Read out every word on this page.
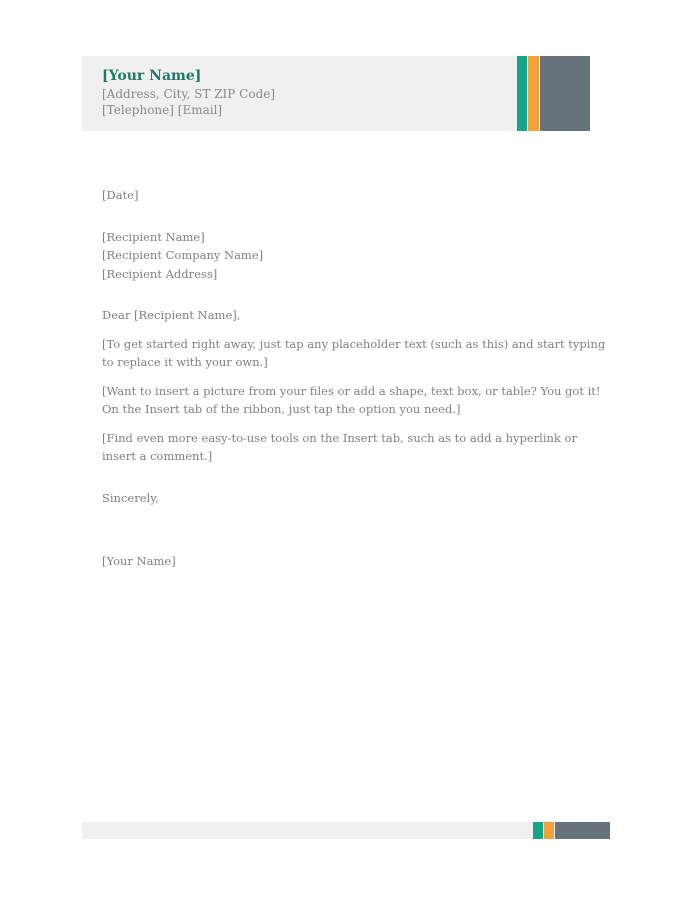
[Your Name]

[Address, City, ST ZIP Code]

[Telephone] [Email]

[Date]

[Recipient Name]

[Recipient Company Name]

[Recipient Address]

Dear [Recipient Name],

[To get started right away, just tap any placeholder text (such as this) and start typing to replace it with your own.]

[Want to insert a picture from your files or add a shape, text box, or table? You got it! On the Insert tab of the ribbon, just tap the option you need.]

[Find even more easy-to-use tools on the Insert tab, such as to add a hyperlink or insert a comment.]

Sincerely,

[Your Name]
